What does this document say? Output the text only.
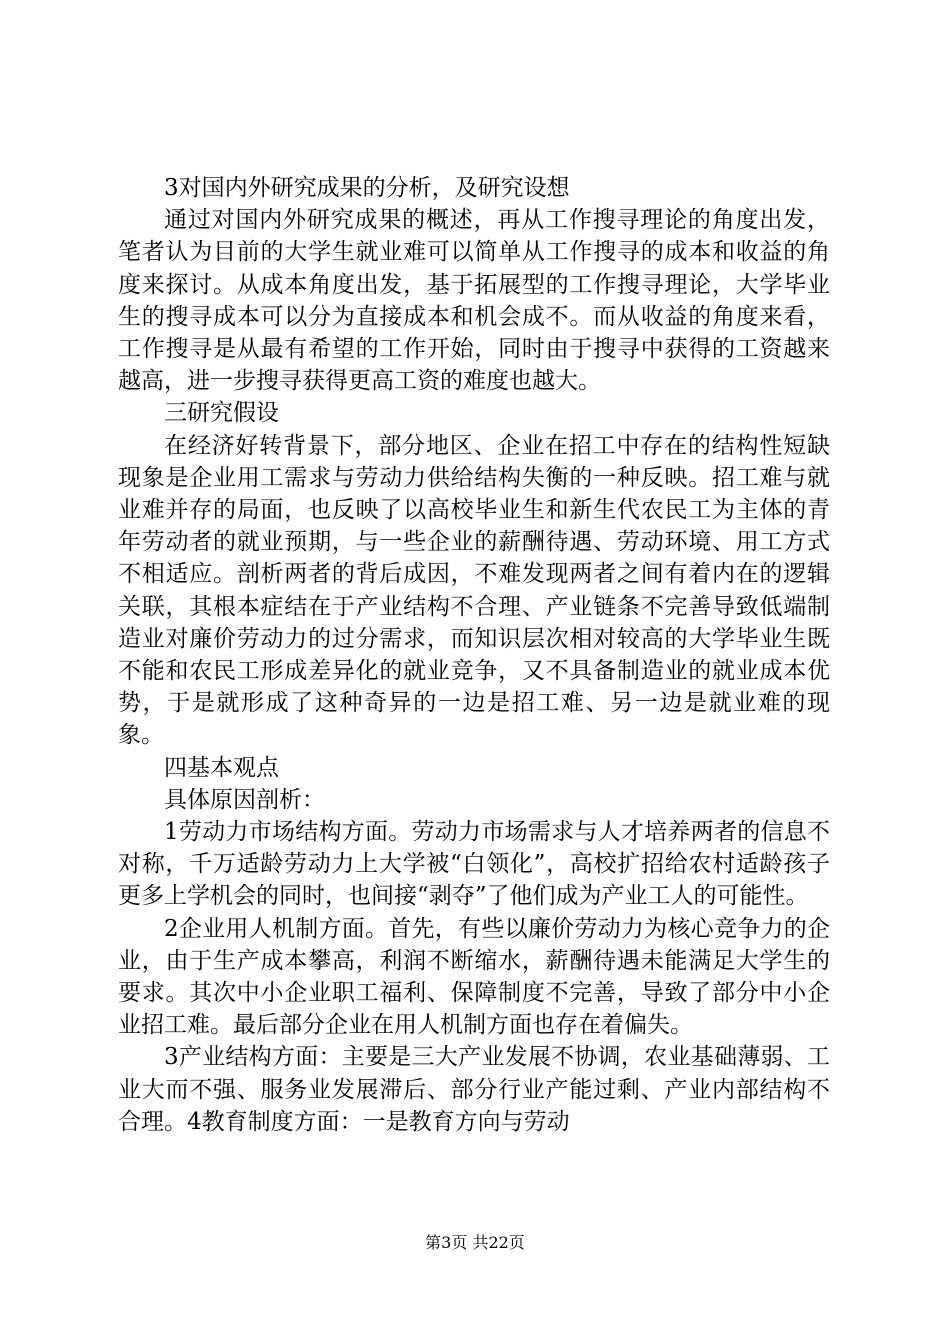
3对国内外研究成果的分析，及研究设想

通过对国内外研究成果的概述，再从工作搜寻理论的角度出发，笔者认为目前的大学生就业难可以简单从工作搜寻的成本和收益的角度来探讨。从成本角度出发，基于拓展型的工作搜寻理论，大学毕业生的搜寻成本可以分为直接成本和机会成不。而从收益的角度来看，工作搜寻是从最有希望的工作开始，同时由于搜寻中获得的工资越来越高，进一步搜寻获得更高工资的难度也越大。

三研究假设

在经济好转背景下，部分地区、企业在招工中存在的结构性短缺现象是企业用工需求与劳动力供给结构失衡的一种反映。招工难与就业难并存的局面，也反映了以高校毕业生和新生代农民工为主体的青年劳动者的就业预期，与一些企业的薪酬待遇、劳动环境、用工方式不相适应。剖析两者的背后成因，不难发现两者之间有着内在的逻辑关联，其根本症结在于产业结构不合理、产业链条不完善导致低端制造业对廉价劳动力的过分需求，而知识层次相对较高的大学毕业生既不能和农民工形成差异化的就业竞争，又不具备制造业的就业成本优势，于是就形成了这种奇异的一边是招工难、另一边是就业难的现象。

四基本观点

具体原因剖析：

1劳动力市场结构方面。劳动力市场需求与人才培养两者的信息不对称，千万适龄劳动力上大学被“白领化”，高校扩招给农村适龄孩子更多上学机会的同时，也间接“剥夺”了他们成为产业工人的可能性。

2企业用人机制方面。首先，有些以廉价劳动力为核心竞争力的企业，由于生产成本攀高，利润不断缩水，薪酬待遇未能满足大学生的要求。其次中小企业职工福利、保障制度不完善，导致了部分中小企业招工难。最后部分企业在用人机制方面也存在着偏失。

3产业结构方面：主要是三大产业发展不协调，农业基础薄弱、工业大而不强、服务业发展滞后、部分行业产能过剩、产业内部结构不合理。4教育制度方面：一是教育方向与劳动

第3页 共22页
